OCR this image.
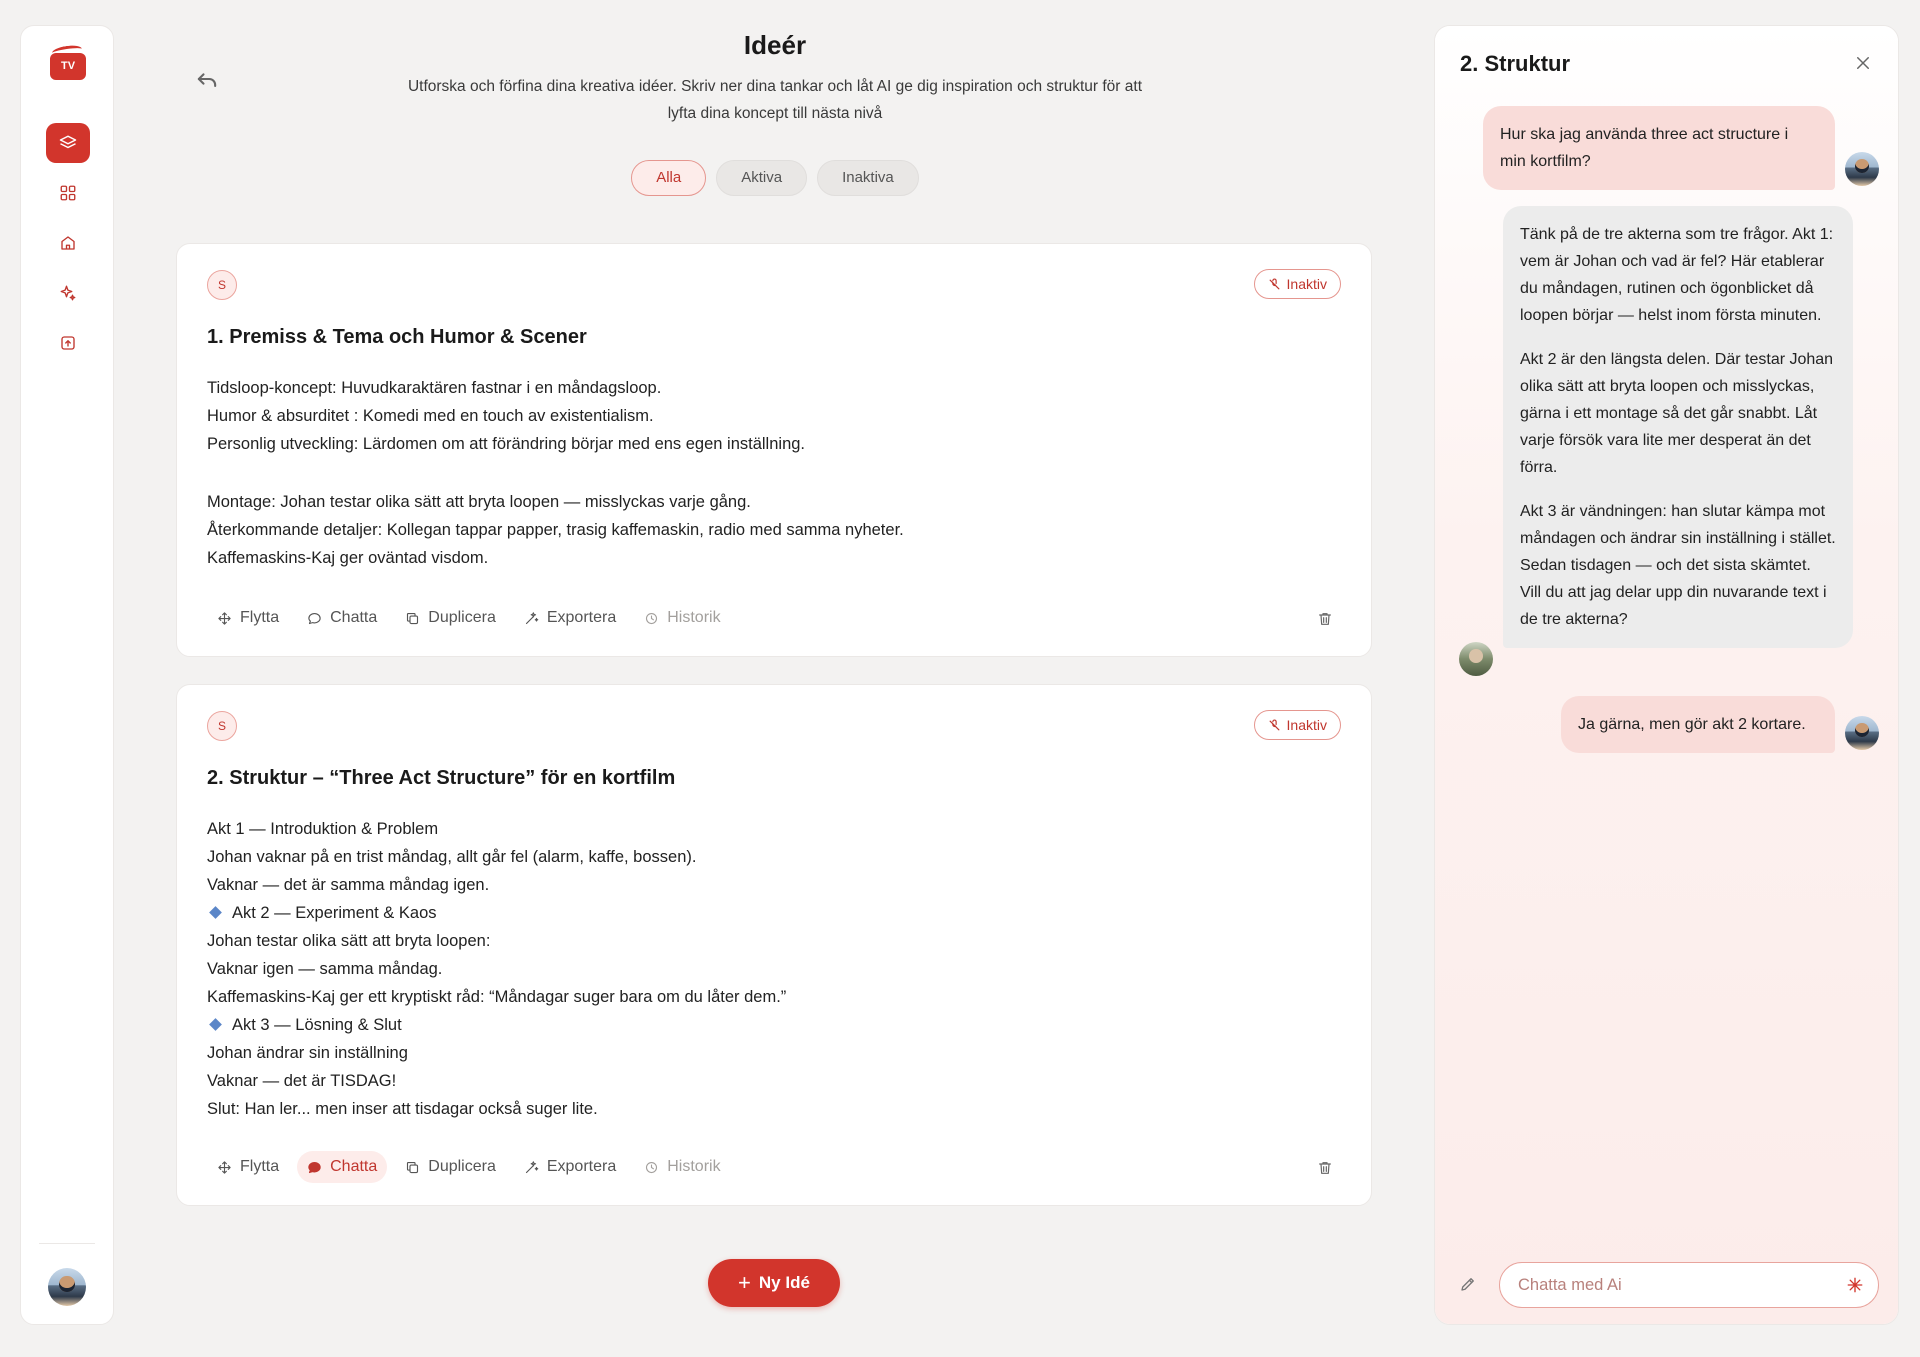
TV
Ideér

Utforska och förfina dina kreativa idéer. Skriv ner dina tankar och låt AI ge dig inspiration och struktur för att lyfta dina koncept till nästa nivå

Alla	Aktiva	Inaktiva
S	Inaktiv
1. Premiss & Tema och Humor & Scener
Tidsloop-koncept: Huvudkaraktären fastnar i en måndagsloop.
Humor & absurditet : Komedi med en touch av existentialism.
Personlig utveckling: Lärdomen om att förändring börjar med ens egen inställning.
Montage: Johan testar olika sätt att bryta loopen — misslyckas varje gång.
Återkommande detaljer: Kollegan tappar papper, trasig kaffemaskin, radio med samma nyheter.
Kaffemaskins-Kaj ger oväntad visdom.
Flytta	Chatta	Duplicera	Exportera	Historik
S	Inaktiv
2. Struktur – “Three Act Structure” för en kortfilm
Akt 1 — Introduktion & Problem
Johan vaknar på en trist måndag, allt går fel (alarm, kaffe, bossen).
Vaknar — det är samma måndag igen.
Akt 2 — Experiment & Kaos
Johan testar olika sätt att bryta loopen:
Vaknar igen — samma måndag.
Kaffemaskins-Kaj ger ett kryptiskt råd: “Måndagar suger bara om du låter dem.”
Akt 3 — Lösning & Slut
Johan ändrar sin inställning
Vaknar — det är TISDAG!
Slut: Han ler... men inser att tisdagar också suger lite.
Flytta	Chatta	Duplicera	Exportera	Historik
+ Ny Idé
2. Struktur

Hur ska jag använda three act structure i min kortfilm?

Tänk på de tre akterna som tre frågor. Akt 1: vem är Johan och vad är fel? Här etablerar du måndagen, rutinen och ögonblicket då loopen börjar — helst inom första minuten.

Akt 2 är den längsta delen. Där testar Johan olika sätt att bryta loopen och misslyckas, gärna i ett montage så det går snabbt. Låt varje försök vara lite mer desperat än det förra.

Akt 3 är vändningen: han slutar kämpa mot måndagen och ändrar sin inställning i stället. Sedan tisdagen — och det sista skämtet. Vill du att jag delar upp din nuvarande text i de tre akterna?

Ja gärna, men gör akt 2 kortare.

Chatta med Ai
